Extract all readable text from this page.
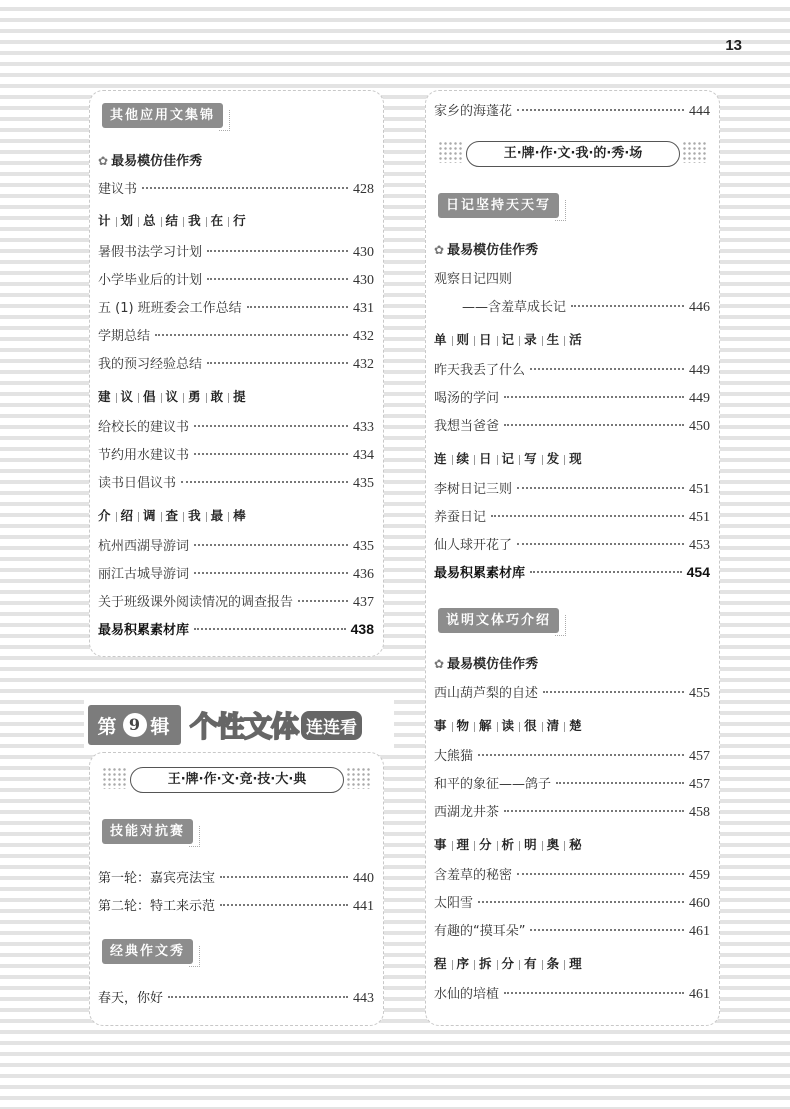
13
其他应用文集锦
✿ 最易模仿佳作秀
建议书	428
计 划 总 结 我 在 行
暑假书法学习计划	430
小学毕业后的计划	430
五 (1) 班班委会工作总结	431
学期总结	432
我的预习经验总结	432
建 议 倡 议 勇 敢 提
给校长的建议书	433
节约用水建议书	434
读书日倡议书	435
介 绍 调 查 我 最 棒
杭州西湖导游词	435
丽江古城导游词	436
关于班级课外阅读情况的调查报告	437
最易积累素材库	438
第 9 辑 个性文体 连连看
王·牌·作·文·竞·技·大·典
技能对抗赛
第一轮：嘉宾亮法宝	440
第二轮：特工来示范	441
经典作文秀
春天，你好	443
家乡的海蓬花	444
王·牌·作·文·我·的·秀·场
日记坚持天天写
✿ 最易模仿佳作秀
观察日记四则
——含羞草成长记	446
单 则 日 记 录 生 活
昨天我丢了什么	449
喝汤的学问	449
我想当爸爸	450
连 续 日 记 写 发 现
李树日记三则	451
养蚕日记	451
仙人球开花了	453
最易积累素材库	454
说明文体巧介绍
✿ 最易模仿佳作秀
西山葫芦梨的自述	455
事 物 解 读 很 清 楚
大熊猫	457
和平的象征——鸽子	457
西湖龙井茶	458
事 理 分 析 明 奥 秘
含羞草的秘密	459
太阳雪	460
有趣的“摸耳朵”	461
程 序 拆 分 有 条 理
水仙的培植	461
